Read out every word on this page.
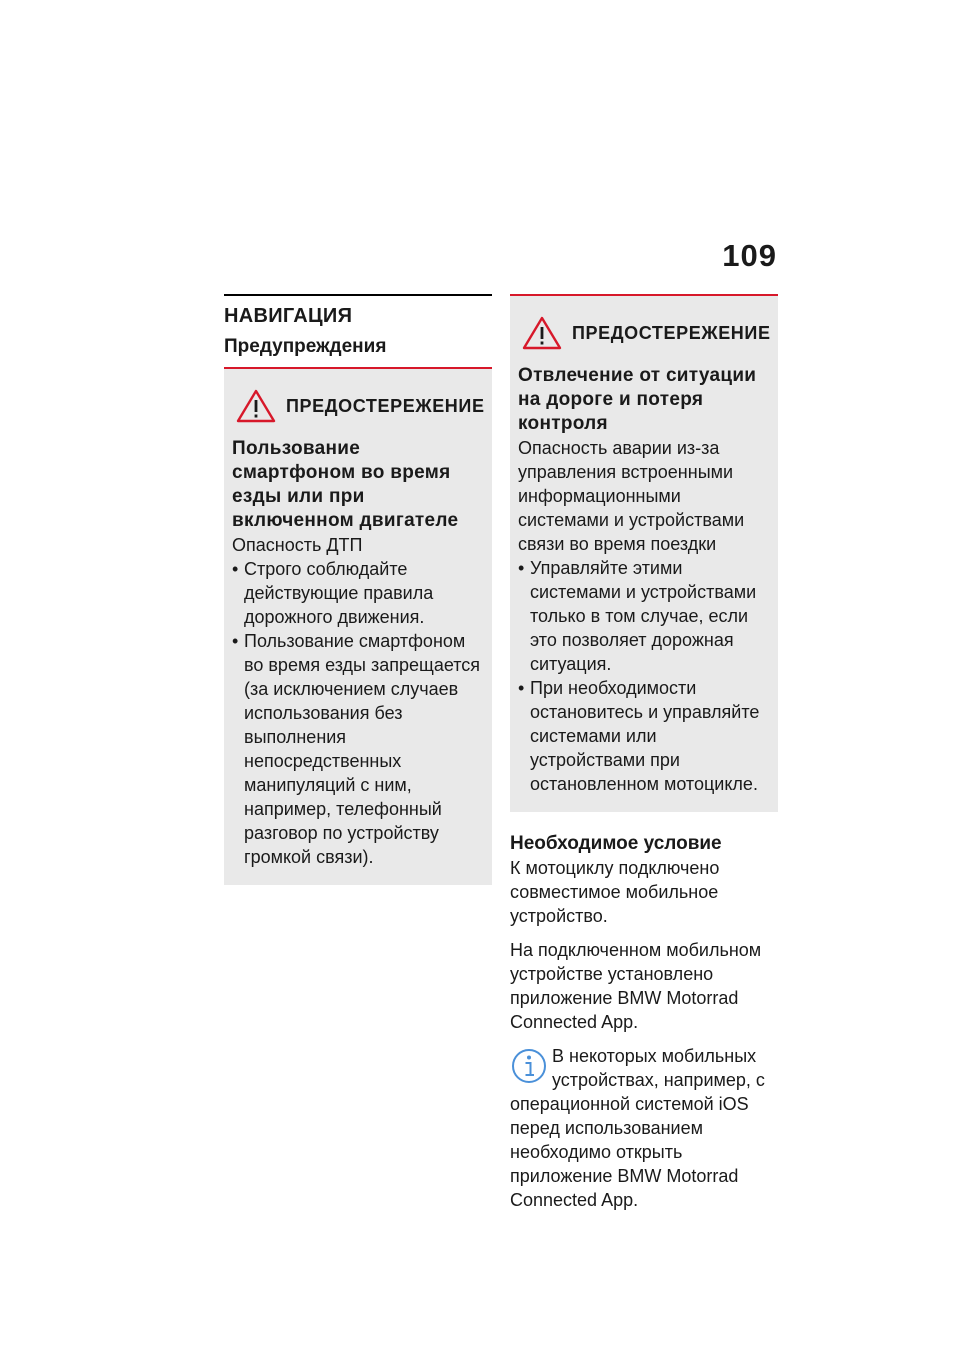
109
НАВИГАЦИЯ
Предупреждения
ПРЕДОСТЕРЕЖЕНИЕ
Пользование смартфоном во время езды или при включенном двигателе
Опасность ДТП
• Строго соблюдайте действующие правила дорожного движения.
• Пользование смартфоном во время езды запрещается (за исключением случаев использования без выполнения непосредственных манипуляций с ним, например, телефонный разговор по устройству громкой связи).
ПРЕДОСТЕРЕЖЕНИЕ
Отвлечение от ситуации на дороге и потеря контроля
Опасность аварии из-за управления встроенными информационными системами и устройствами связи во время поездки
• Управляйте этими системами и устройствами только в том случае, если это позволяет дорожная ситуация.
• При необходимости остановитесь и управляйте системами или устройствами при остановленном мотоцикле.
Необходимое условие
К мотоциклу подключено совместимое мобильное устройство.
На подключенном мобильном устройстве установлено приложение BMW Motorrad Connected App.
В некоторых мобильных устройствах, например, с операционной системой iOS перед использованием необходимо открыть приложение BMW Motorrad Connected App.
